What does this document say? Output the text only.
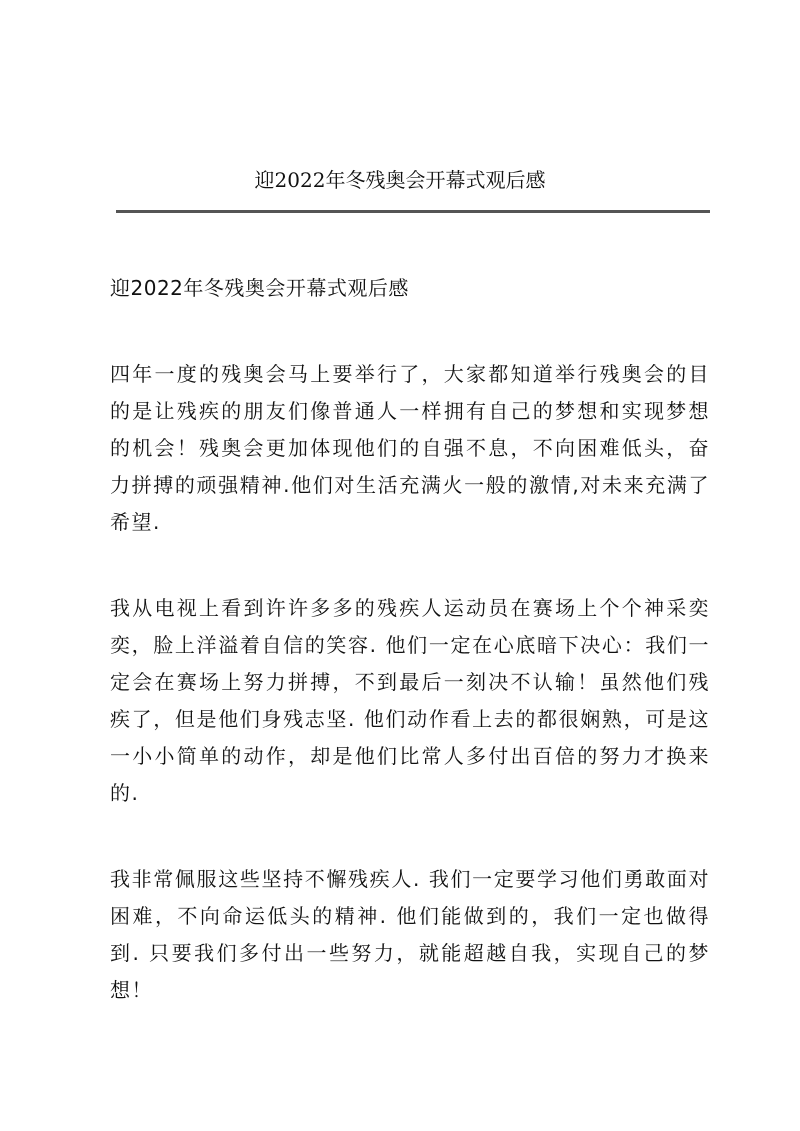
迎2022年冬残奥会开幕式观后感

迎2022年冬残奥会开幕式观后感

四年一度的残奥会马上要举行了，大家都知道举行残奥会的目的是让残疾的朋友们像普通人一样拥有自己的梦想和实现梦想的机会！残奥会更加体现他们的自强不息，不向困难低头，奋力拼搏的顽强精神.他们对生活充满火一般的激情,对未来充满了希望.

我从电视上看到许许多多的残疾人运动员在赛场上个个神采奕奕，脸上洋溢着自信的笑容. 他们一定在心底暗下决心：我们一定会在赛场上努力拼搏，不到最后一刻决不认输！虽然他们残疾了，但是他们身残志坚. 他们动作看上去的都很娴熟，可是这一小小简单的动作，却是他们比常人多付出百倍的努力才换来的.

我非常佩服这些坚持不懈残疾人. 我们一定要学习他们勇敢面对困难，不向命运低头的精神. 他们能做到的，我们一定也做得到. 只要我们多付出一些努力，就能超越自我，实现自己的梦想！
